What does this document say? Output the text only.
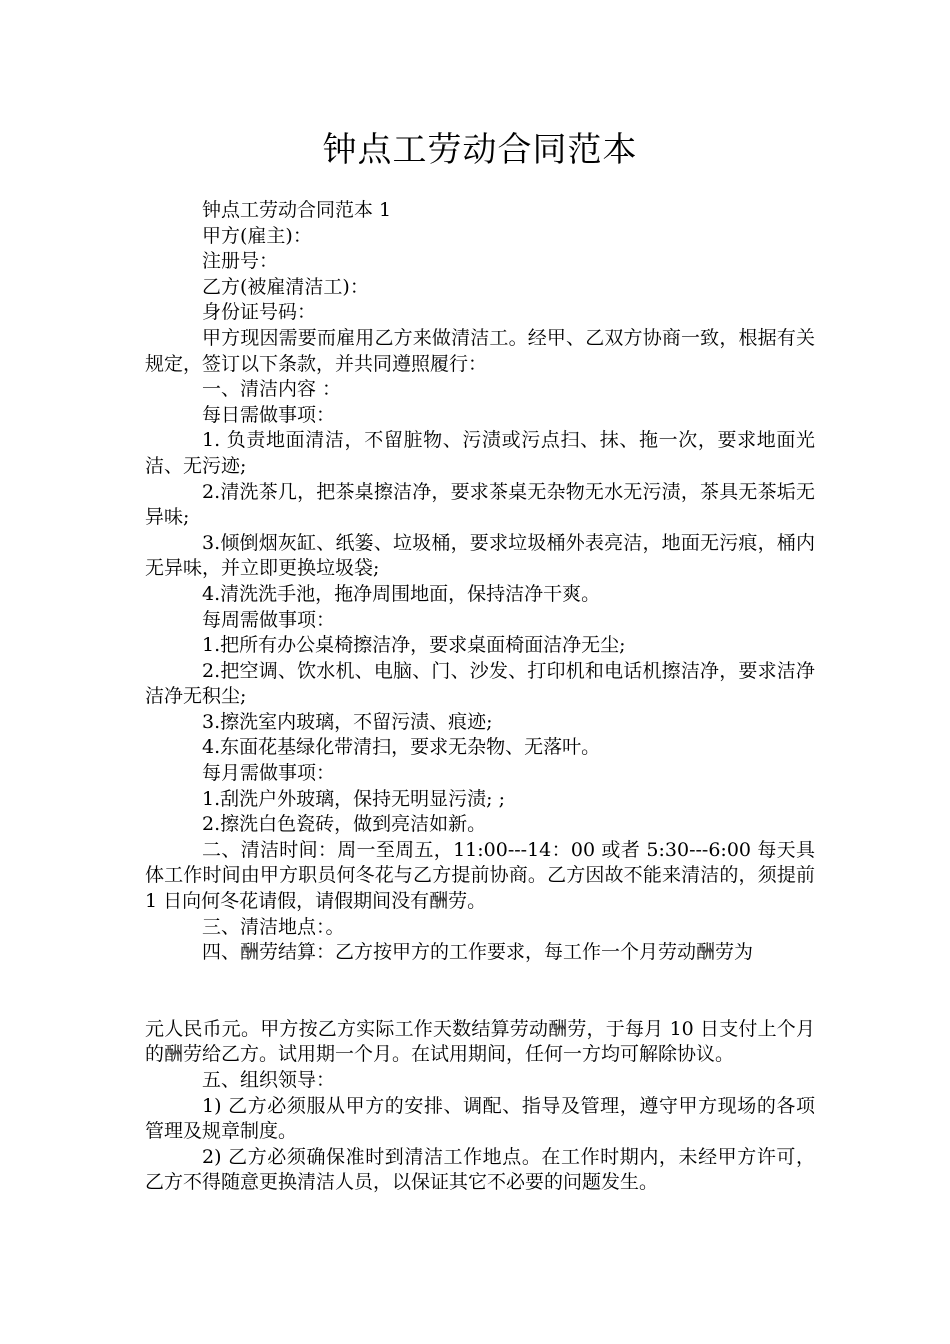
钟点工劳动合同范本

钟点工劳动合同范本 1

甲方(雇主)：

注册号：

乙方(被雇清洁工)：

身份证号码：

甲方现因需要而雇用乙方来做清洁工。经甲、乙双方协商一致，根据有关规定，签订以下条款，并共同遵照履行：

一、清洁内容 ：

每日需做事项：

1. 负责地面清洁，不留脏物、污渍或污点扫、抹、拖一次，要求地面光洁、无污迹;

2.清洗茶几，把茶桌擦洁净，要求茶桌无杂物无水无污渍，茶具无茶垢无异味;

3.倾倒烟灰缸、纸篓、垃圾桶，要求垃圾桶外表亮洁，地面无污痕，桶内无异味，并立即更换垃圾袋;

4.清洗洗手池，拖净周围地面，保持洁净干爽。

每周需做事项：

1.把所有办公桌椅擦洁净，要求桌面椅面洁净无尘;

2.把空调、饮水机、电脑、门、沙发、打印机和电话机擦洁净，要求洁净洁净无积尘;

3.擦洗室内玻璃，不留污渍、痕迹;

4.东面花基绿化带清扫，要求无杂物、无落叶。

每月需做事项：

1.刮洗户外玻璃，保持无明显污渍; ;

2.擦洗白色瓷砖，做到亮洁如新。

二、清洁时间：周一至周五，11:00---14：00 或者 5:30---6:00 每天具体工作时间由甲方职员何冬花与乙方提前协商。乙方因故不能来清洁的，须提前 1 日向何冬花请假，请假期间没有酬劳。

三、清洁地点：。

四、酬劳结算：乙方按甲方的工作要求，每工作一个月劳动酬劳为

元人民币元。甲方按乙方实际工作天数结算劳动酬劳，于每月 10 日支付上个月的酬劳给乙方。试用期一个月。在试用期间，任何一方均可解除协议。

五、组织领导：

1) 乙方必须服从甲方的安排、调配、指导及管理，遵守甲方现场的各项管理及规章制度。

2) 乙方必须确保准时到清洁工作地点。在工作时期内，未经甲方许可，乙方不得随意更换清洁人员，以保证其它不必要的问题发生。
